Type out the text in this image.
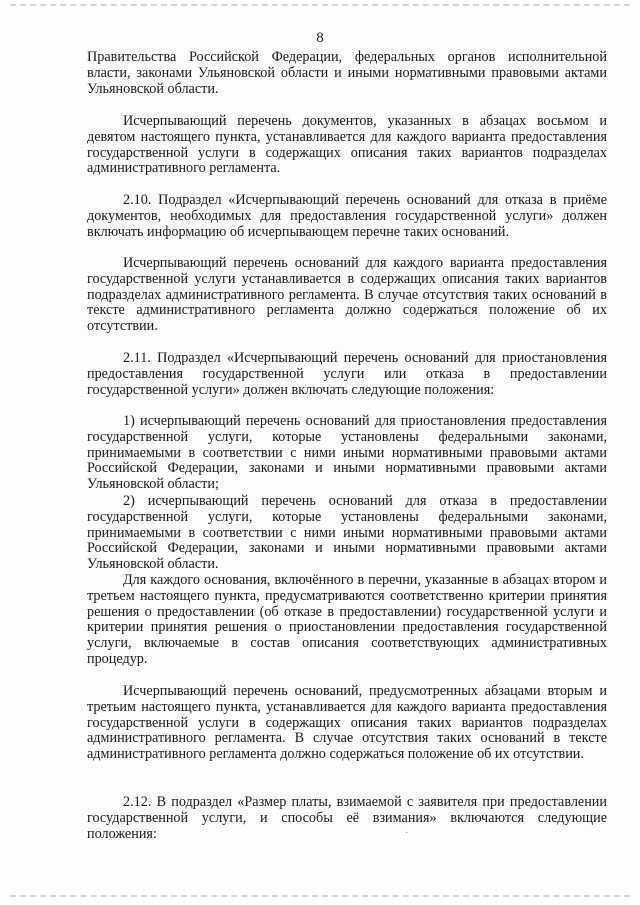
8

Правительства Российской Федерации, федеральных органов исполнительной власти, законами Ульяновской области и иными нормативными правовыми актами Ульяновской области.

Исчерпывающий перечень документов, указанных в абзацах восьмом и девятом настоящего пункта, устанавливается для каждого варианта предоставления государственной услуги в содержащих описания таких вариантов подразделах административного регламента.

2.10. Подраздел «Исчерпывающий перечень оснований для отказа в приёме документов, необходимых для предоставления государственной услуги» должен включать информацию об исчерпывающем перечне таких оснований.

Исчерпывающий перечень оснований для каждого варианта предоставления государственной услуги устанавливается в содержащих описания таких вариантов подразделах административного регламента. В случае отсутствия таких оснований в тексте административного регламента должно содержаться положение об их отсутствии.

2.11. Подраздел «Исчерпывающий перечень оснований для приостановления предоставления государственной услуги или отказа в предоставлении государственной услуги» должен включать следующие положения:

1) исчерпывающий перечень оснований для приостановления предоставления государственной услуги, которые установлены федеральными законами, принимаемыми в соответствии с ними иными нормативными правовыми актами Российской Федерации, законами и иными нормативными правовыми актами Ульяновской области;

2) исчерпывающий перечень оснований для отказа в предоставлении государственной услуги, которые установлены федеральными законами, принимаемыми в соответствии с ними иными нормативными правовыми актами Российской Федерации, законами и иными нормативными правовыми актами Ульяновской области.

Для каждого основания, включённого в перечни, указанные в абзацах втором и третьем настоящего пункта, предусматриваются соответственно критерии принятия решения о предоставлении (об отказе в предоставлении) государственной услуги и критерии принятия решения о приостановлении предоставления государственной услуги, включаемые в состав описания соответствующих административных процедур.

Исчерпывающий перечень оснований, предусмотренных абзацами вторым и третьим настоящего пункта, устанавливается для каждого варианта предоставления государственной услуги в содержащих описания таких вариантов подразделах административного регламента. В случае отсутствия таких оснований в тексте административного регламента должно содержаться положение об их отсутствии.

2.12. В подраздел «Размер платы, взимаемой с заявителя при предоставлении государственной услуги, и способы её взимания» включаются следующие положения:	·
